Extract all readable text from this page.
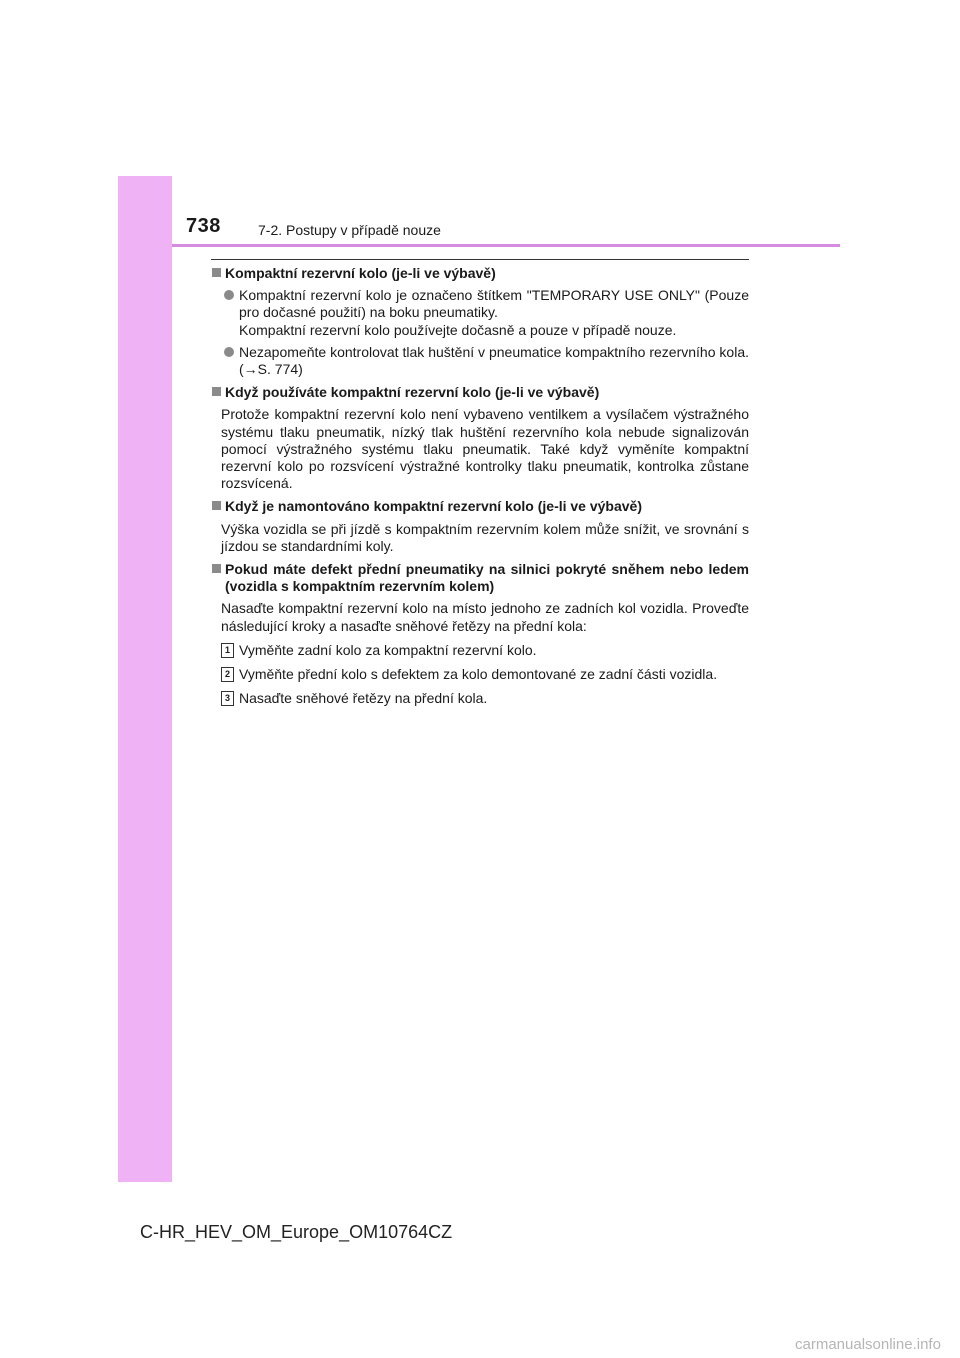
738	7-2. Postupy v případě nouze
Kompaktní rezervní kolo (je-li ve výbavě)
Kompaktní rezervní kolo je označeno štítkem "TEMPORARY USE ONLY" (Pouze pro dočasné použití) na boku pneumatiky.
Kompaktní rezervní kolo používejte dočasně a pouze v případě nouze.
Nezapomeňte kontrolovat tlak huštění v pneumatice kompaktního rezervního kola. (→S. 774)
Když používáte kompaktní rezervní kolo (je-li ve výbavě)
Protože kompaktní rezervní kolo není vybaveno ventilkem a vysílačem výstražného systému tlaku pneumatik, nízký tlak huštění rezervního kola nebude signalizován pomocí výstražného systému tlaku pneumatik. Také když vyměníte kompaktní rezervní kolo po rozsvícení výstražné kontrolky tlaku pneumatik, kontrolka zůstane rozsvícená.
Když je namontováno kompaktní rezervní kolo (je-li ve výbavě)
Výška vozidla se při jízdě s kompaktním rezervním kolem může snížit, ve srovnání s jízdou se standardními koly.
Pokud máte defekt přední pneumatiky na silnici pokryté sněhem nebo ledem (vozidla s kompaktním rezervním kolem)
Nasaďte kompaktní rezervní kolo na místo jednoho ze zadních kol vozidla. Proveďte následující kroky a nasaďte sněhové řetězy na přední kola:
1 Vyměňte zadní kolo za kompaktní rezervní kolo.
2 Vyměňte přední kolo s defektem za kolo demontované ze zadní části vozidla.
3 Nasaďte sněhové řetězy na přední kola.
C-HR_HEV_OM_Europe_OM10764CZ
carmanualsonline.info
